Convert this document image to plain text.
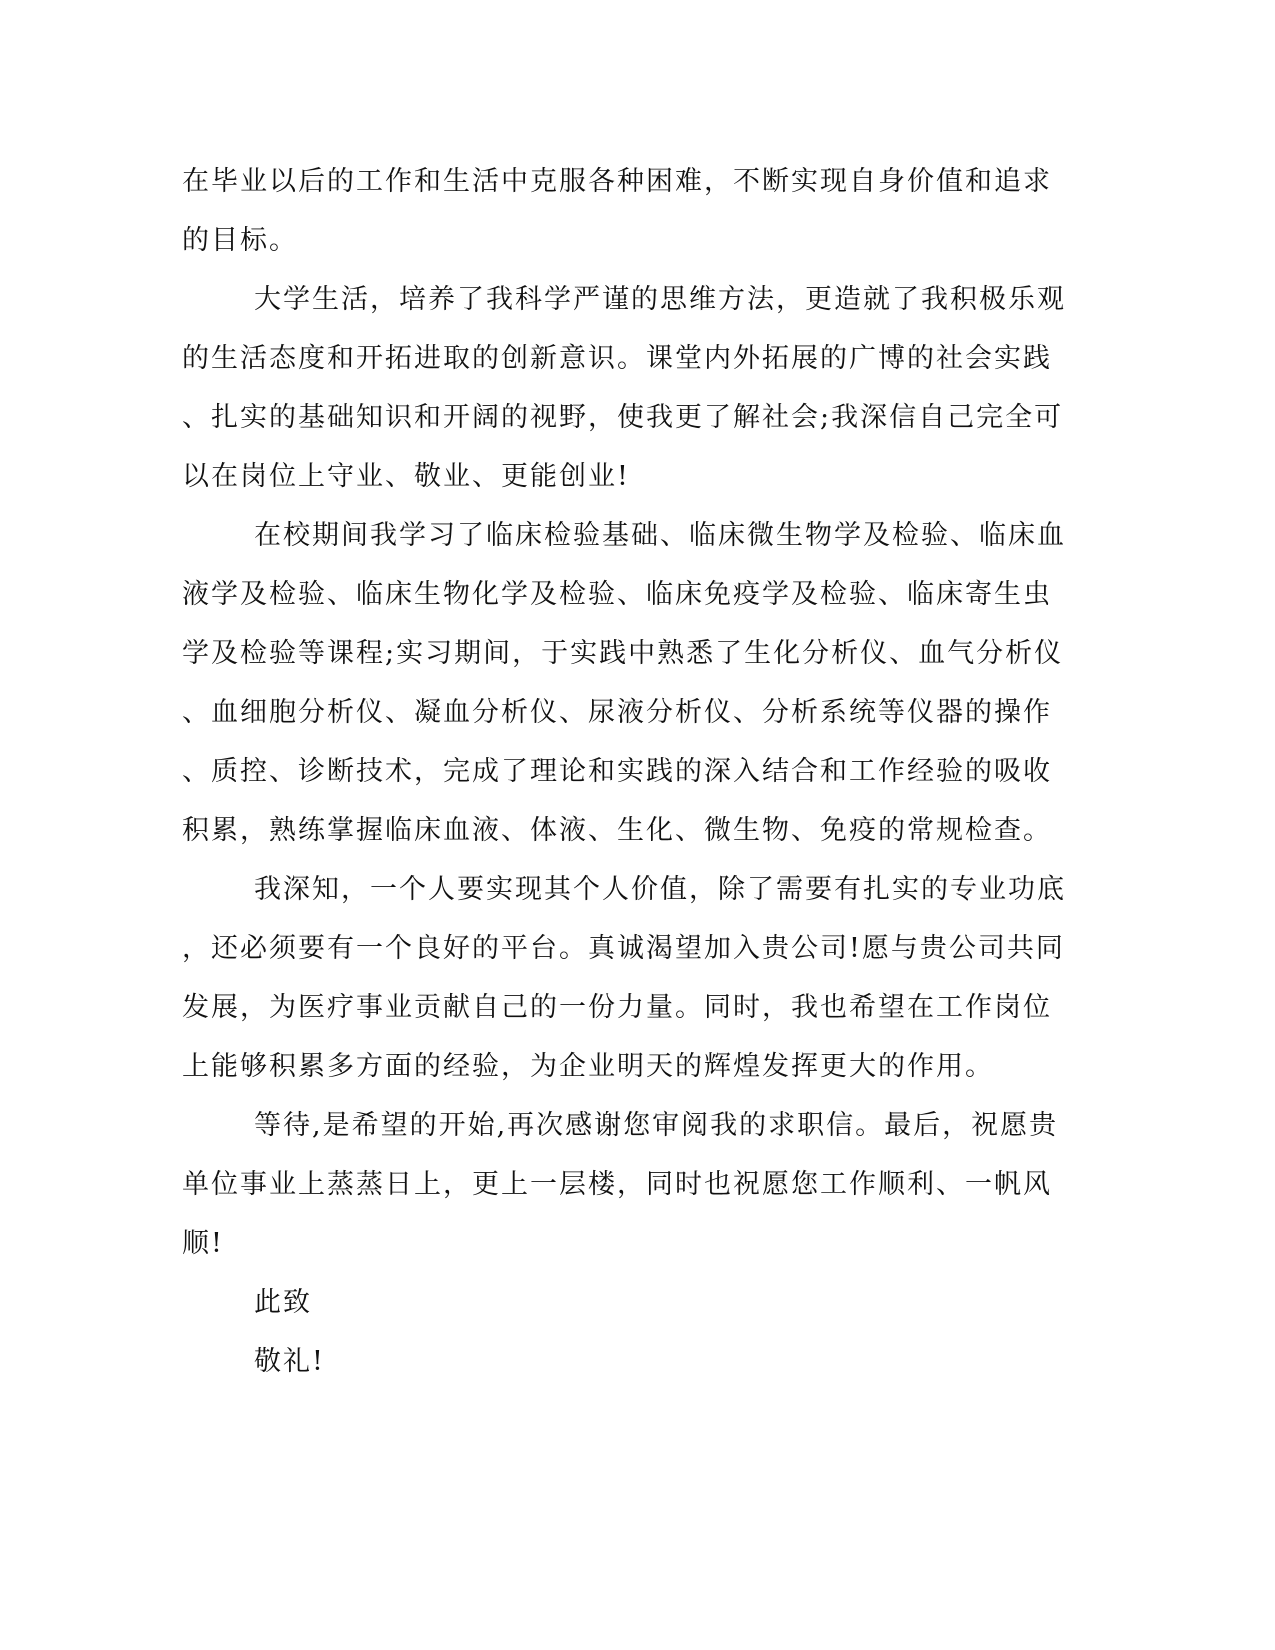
在毕业以后的工作和生活中克服各种困难，不断实现自身价值和追求
的目标。
大学生活，培养了我科学严谨的思维方法，更造就了我积极乐观
的生活态度和开拓进取的创新意识。课堂内外拓展的广博的社会实践
、扎实的基础知识和开阔的视野，使我更了解社会;我深信自己完全可
以在岗位上守业、敬业、更能创业!
在校期间我学习了临床检验基础、临床微生物学及检验、临床血
液学及检验、临床生物化学及检验、临床免疫学及检验、临床寄生虫
学及检验等课程;实习期间，于实践中熟悉了生化分析仪、血气分析仪
、血细胞分析仪、凝血分析仪、尿液分析仪、分析系统等仪器的操作
、质控、诊断技术，完成了理论和实践的深入结合和工作经验的吸收
积累，熟练掌握临床血液、体液、生化、微生物、免疫的常规检查。
我深知，一个人要实现其个人价值，除了需要有扎实的专业功底
，还必须要有一个良好的平台。真诚渴望加入贵公司!愿与贵公司共同
发展，为医疗事业贡献自己的一份力量。同时，我也希望在工作岗位
上能够积累多方面的经验，为企业明天的辉煌发挥更大的作用。
等待,是希望的开始,再次感谢您审阅我的求职信。最后，祝愿贵
单位事业上蒸蒸日上，更上一层楼，同时也祝愿您工作顺利、一帆风
顺!
此致
敬礼!
